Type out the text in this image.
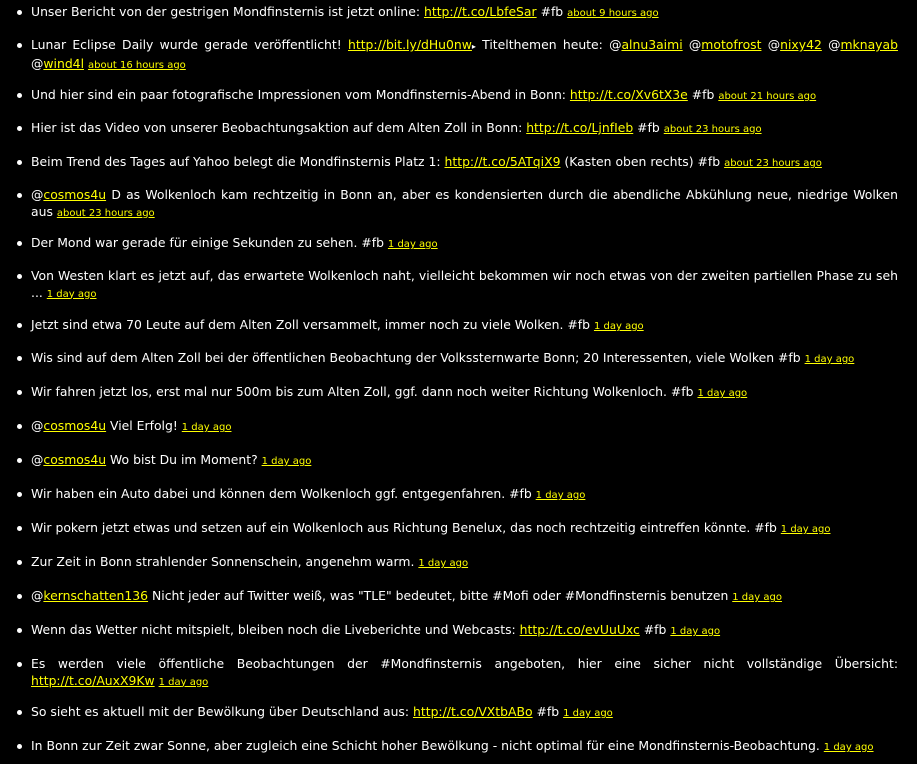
Unser Bericht von der gestrigen Mondfinsternis ist jetzt online: http://t.co/LbfeSar #fb about 9 hours ago
Lunar Eclipse Daily wurde gerade veröffentlicht! http://bit.ly/dHu0nw▸ Titelthemen heute: @alnu3aimi @motofrost @nixy42 @mknayab @wind4l about 16 hours ago
Und hier sind ein paar fotografische Impressionen vom Mondfinsternis-Abend in Bonn: http://t.co/Xv6tX3e #fb about 21 hours ago
Hier ist das Video von unserer Beobachtungsaktion auf dem Alten Zoll in Bonn: http://t.co/LjnfIeb #fb about 23 hours ago
Beim Trend des Tages auf Yahoo belegt die Mondfinsternis Platz 1: http://t.co/5ATqiX9 (Kasten oben rechts) #fb about 23 hours ago
@cosmos4u D as Wolkenloch kam rechtzeitig in Bonn an, aber es kondensierten durch die abendliche Abkühlung neue, niedrige Wolken aus about 23 hours ago
Der Mond war gerade für einige Sekunden zu sehen. #fb 1 day ago
Von Westen klart es jetzt auf, das erwartete Wolkenloch naht, vielleicht bekommen wir noch etwas von der zweiten partiellen Phase zu seh ... 1 day ago
Jetzt sind etwa 70 Leute auf dem Alten Zoll versammelt, immer noch zu viele Wolken. #fb 1 day ago
Wis sind auf dem Alten Zoll bei der öffentlichen Beobachtung der Volkssternwarte Bonn; 20 Interessenten, viele Wolken #fb 1 day ago
Wir fahren jetzt los, erst mal nur 500m bis zum Alten Zoll, ggf. dann noch weiter Richtung Wolkenloch. #fb 1 day ago
@cosmos4u Viel Erfolg! 1 day ago
@cosmos4u Wo bist Du im Moment? 1 day ago
Wir haben ein Auto dabei und können dem Wolkenloch ggf. entgegenfahren. #fb 1 day ago
Wir pokern jetzt etwas und setzen auf ein Wolkenloch aus Richtung Benelux, das noch rechtzeitig eintreffen könnte. #fb 1 day ago
Zur Zeit in Bonn strahlender Sonnenschein, angenehm warm. 1 day ago
@kernschatten136 Nicht jeder auf Twitter weiß, was "TLE" bedeutet, bitte #Mofi oder #Mondfinsternis benutzen 1 day ago
Wenn das Wetter nicht mitspielt, bleiben noch die Liveberichte und Webcasts: http://t.co/evUuUxc #fb 1 day ago
Es werden viele öffentliche Beobachtungen der #Mondfinsternis angeboten, hier eine sicher nicht vollständige Übersicht: http://t.co/AuxX9Kw 1 day ago
So sieht es aktuell mit der Bewölkung über Deutschland aus: http://t.co/VXtbABo #fb 1 day ago
In Bonn zur Zeit zwar Sonne, aber zugleich eine Schicht hoher Bewölkung - nicht optimal für eine Mondfinsternis-Beobachtung. 1 day ago
